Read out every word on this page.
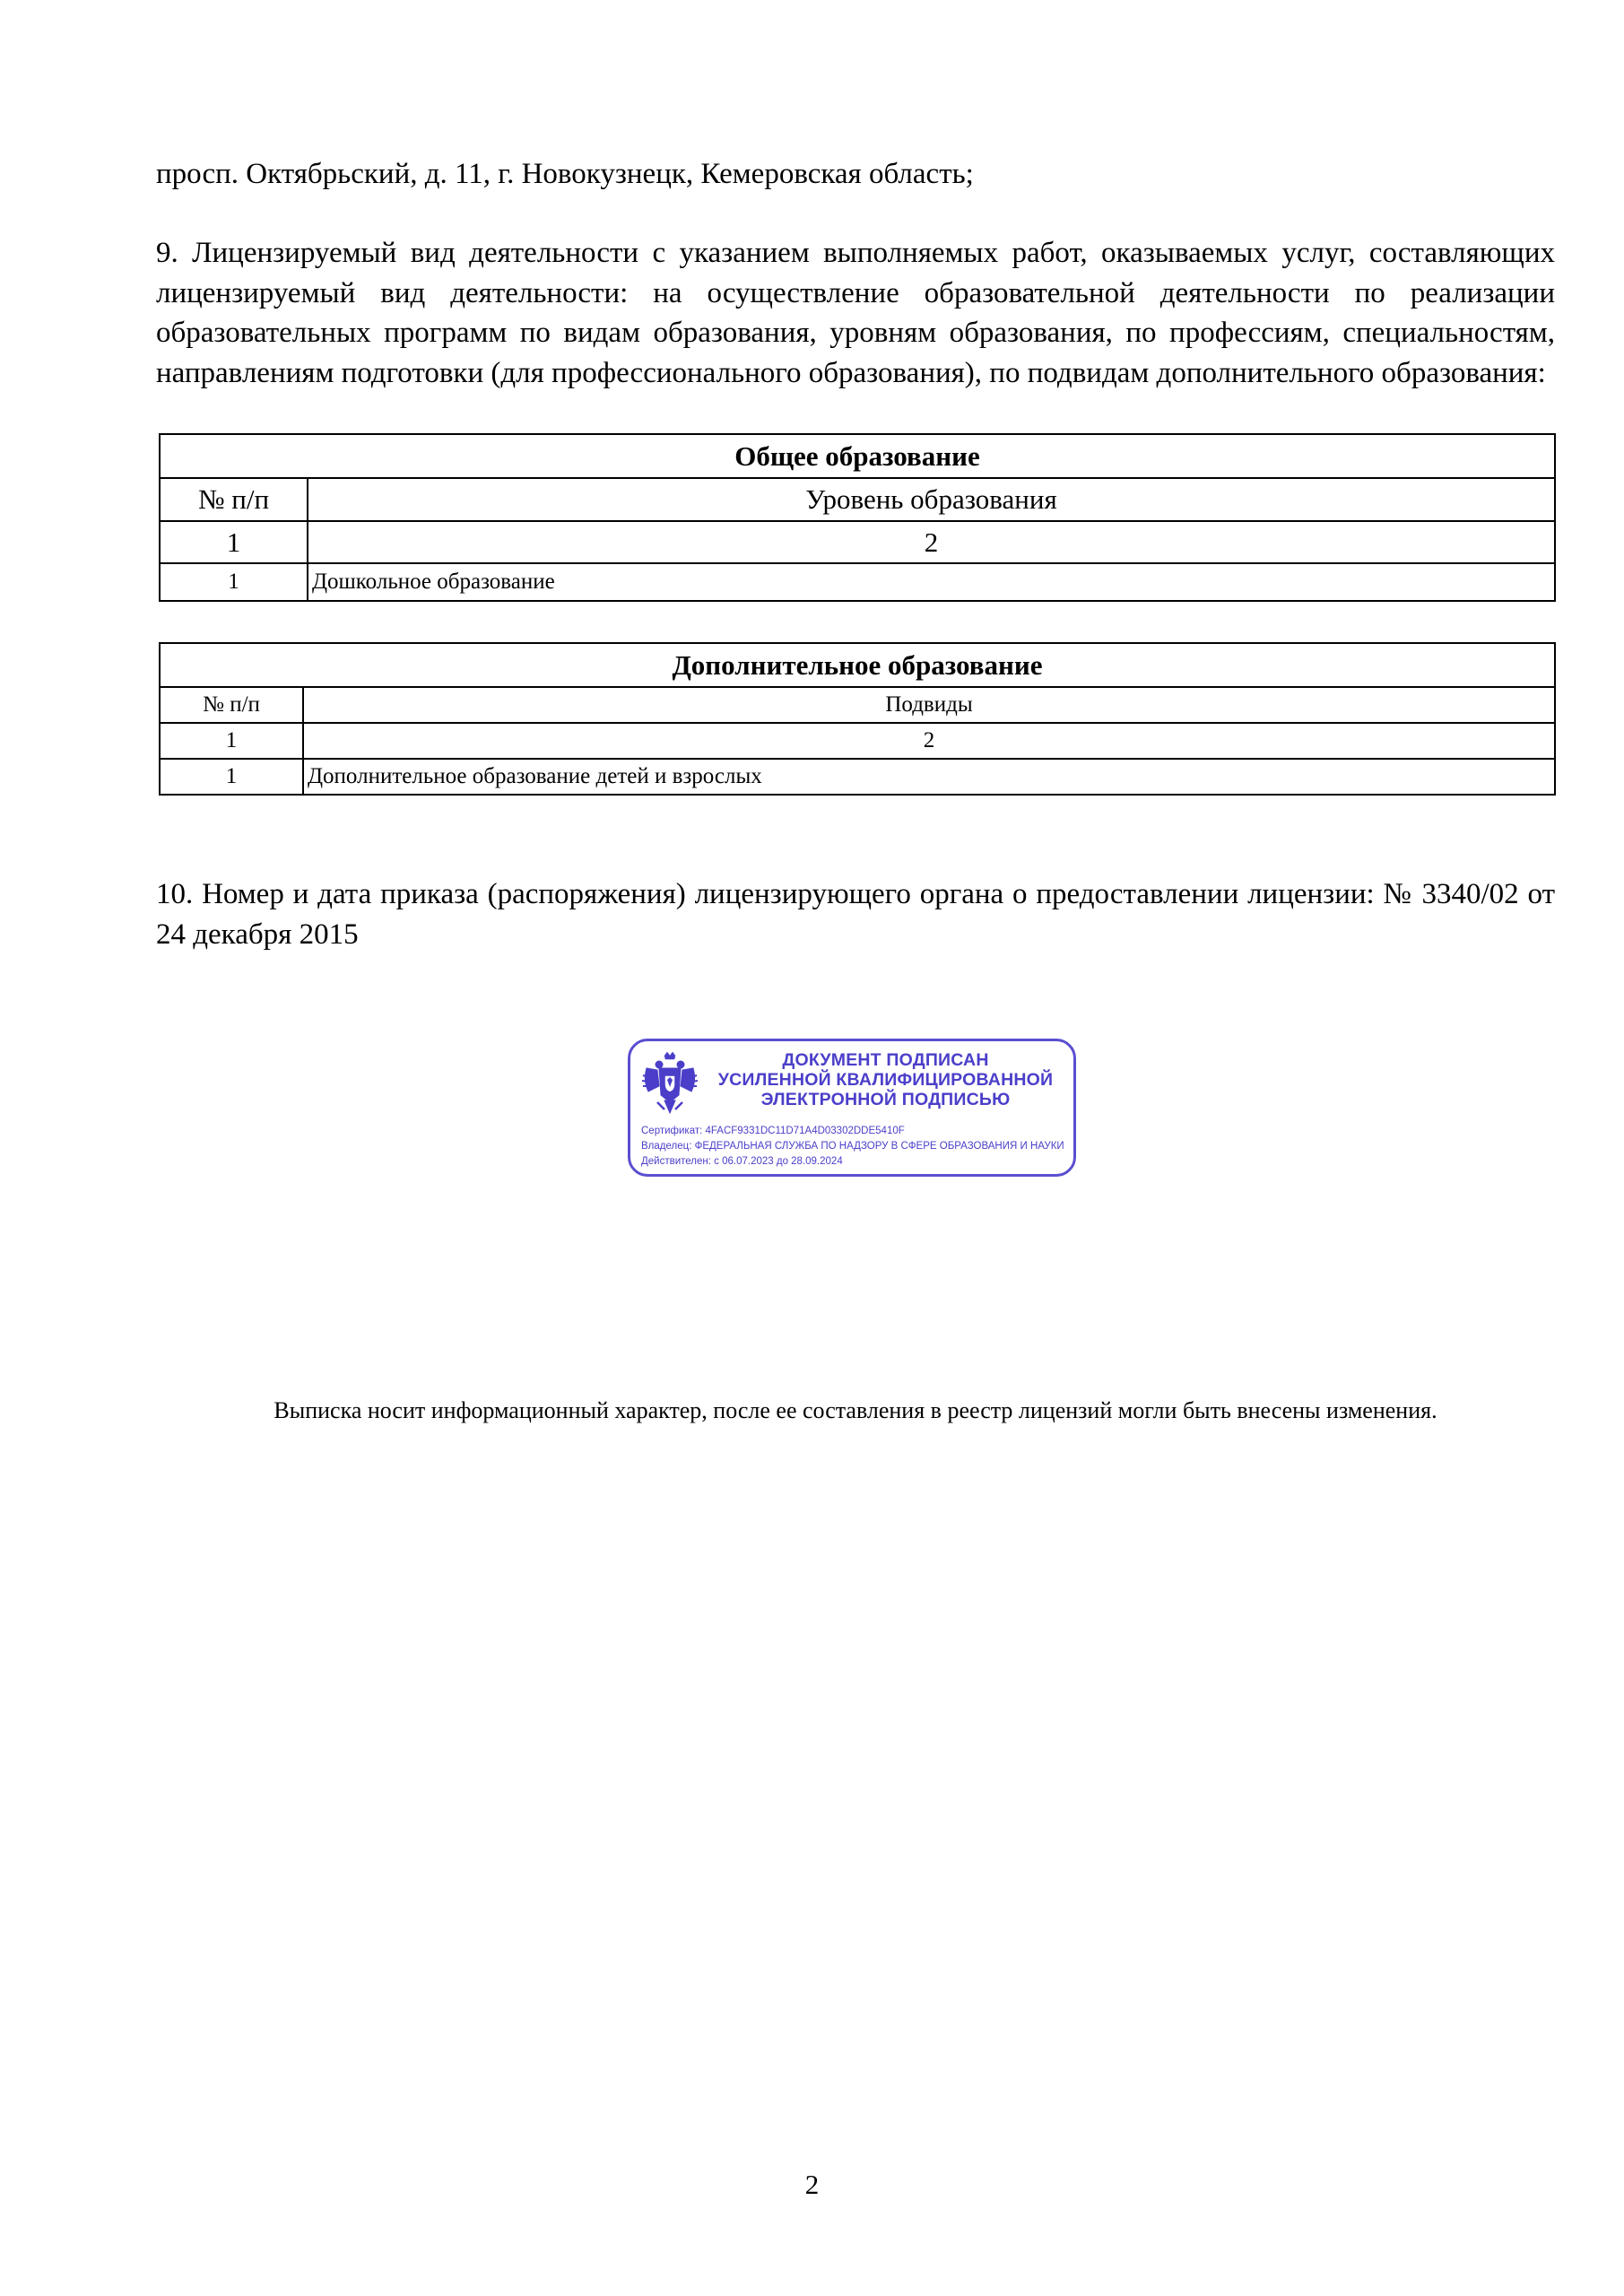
просп. Октябрьский, д. 11, г. Новокузнецк, Кемеровская область;

9. Лицензируемый вид деятельности с указанием выполняемых работ, оказываемых услуг, составляющих лицензируемый вид деятельности: на осуществление образовательной деятельности по реализации образовательных программ по видам образования, уровням образования, по профессиям, специальностям, направлениям подготовки (для профессионального образования), по подвидам дополнительного образования:

Общее образование	
№ п/п	Уровень образования
1	2
1	Дошкольное образование
Дополнительное образование	
№ п/п	Подвиды
1	2
1	Дополнительное образование детей и взрослых

10. Номер и дата приказа (распоряжения) лицензирующего органа о предоставлении лицензии: № 3340/02 от 24 декабря 2015

ДОКУМЕНТ ПОДПИСАН
УСИЛЕННОЙ КВАЛИФИЦИРОВАННОЙ
ЭЛЕКТРОННОЙ ПОДПИСЬЮ
Сертификат: 4FACF9331DC11D71A4D03302DDE5410F
Владелец: ФЕДЕРАЛЬНАЯ СЛУЖБА ПО НАДЗОРУ В СФЕРЕ ОБРАЗОВАНИЯ И НАУКИ
Действителен: с 06.07.2023 до 28.09.2024
Выписка носит информационный характер, после ее составления в реестр лицензий могли быть внесены изменения.
2
